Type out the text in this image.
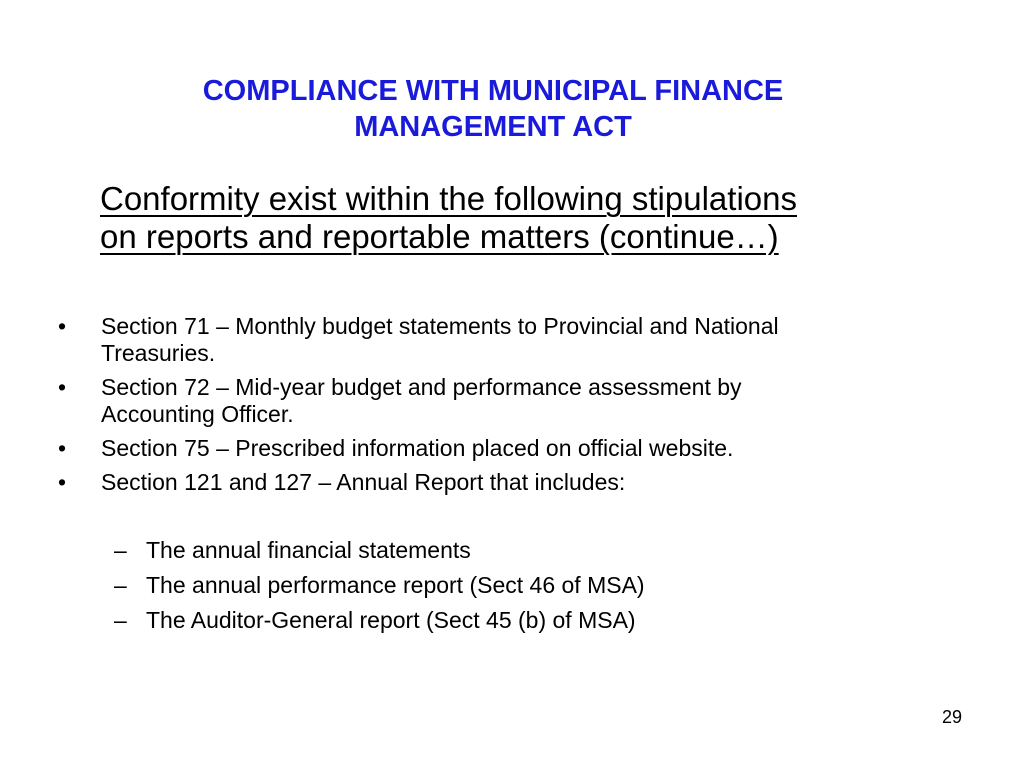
COMPLIANCE WITH MUNICIPAL FINANCE
MANAGEMENT ACT

Conformity exist within the following stipulations
on reports and reportable matters (continue…)

• Section 71 – Monthly budget statements to Provincial and National
Treasuries.
• Section 72 – Mid-year budget and performance assessment by
Accounting Officer.
• Section 75 – Prescribed information placed on official website.
• Section 121 and 127 – Annual Report that includes:
– The annual financial statements
– The annual performance report (Sect 46 of MSA)
– The Auditor-General report (Sect 45 (b) of MSA)
29
